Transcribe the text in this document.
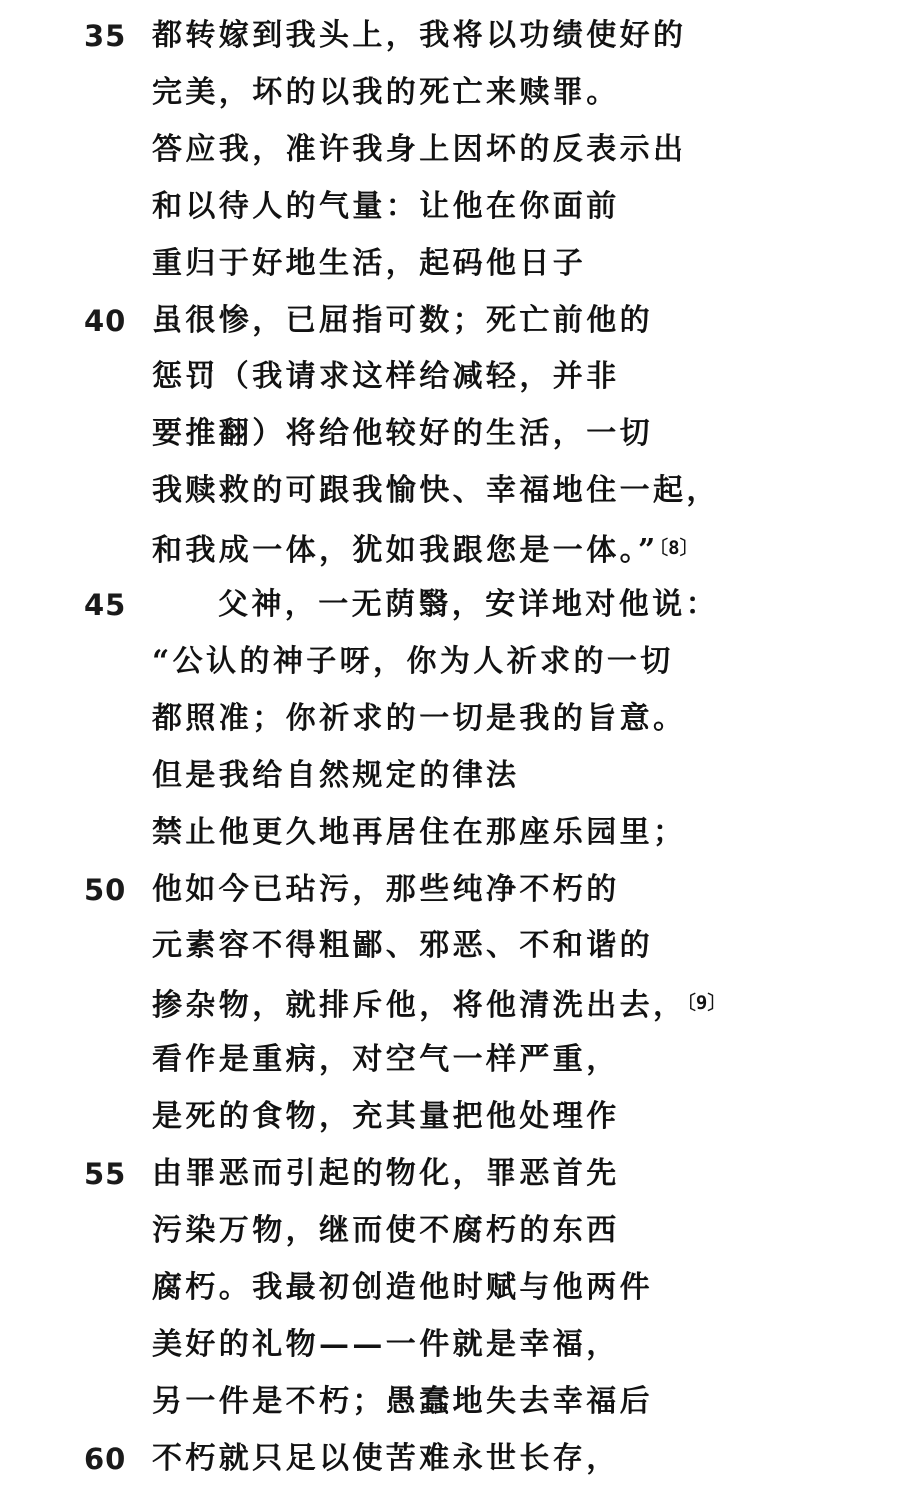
35 都转嫁到我头上，我将以功绩使好的
完美，坏的以我的死亡来赎罪。
答应我，准许我身上因坏的反表示出
和以待人的气量：让他在你面前
重归于好地生活，起码他日子
40 虽很惨，已屈指可数；死亡前他的
惩罚（我请求这样给减轻，并非
要推翻）将给他较好的生活，一切
我赎救的可跟我愉快、幸福地住一起，
和我成一体，犹如我跟您是一体。”$^{〔8〕}$
45	父神，一无荫翳，安详地对他说：
“公认的神子呀，你为人祈求的一切
都照准；你祈求的一切是我的旨意。
但是我给自然规定的律法
禁止他更久地再居住在那座乐园里；
50 他如今已玷污，那些纯净不朽的
元素容不得粗鄙、邪恶、不和谐的
掺杂物，就排斥他，将他清洗出去，$^{〔9〕}$
看作是重病，对空气一样严重，
是死的食物，充其量把他处理作
55 由罪恶而引起的物化，罪恶首先
污染万物，继而使不腐朽的东西
腐朽。我最初创造他时赋与他两件
美好的礼物——一件就是幸福，
另一件是不朽；愚蠢地失去幸福后
60 不朽就只足以使苦难永世长存，
